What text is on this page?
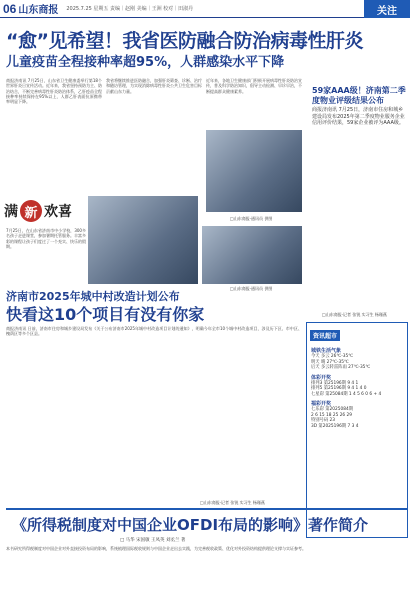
06 山东商报 2025.7.25 星期五 责编｜赵刚 美编｜王洲 校对｜田淑丹	关注
“愈”见希望！我省医防融合防治病毒性肝炎
儿童疫苗全程接种率超95%，人群感染水平下降
商报济南讯 7月25日，山东省卫生健康委举行第18个世界肝炎日宣传活动。近年来，我省坚持预防为主、防治结合，不断完善病毒性肝炎防治体系，乙肝疫苗全程接种率持续保持在95%以上，人群乙肝表面抗原携带率明显下降。
我省将继续推进医防融合，加强肝炎筛查、诊断、治疗和随访管理，为实现消除病毒性肝炎公共卫生危害目标贡献山东力量。
近年来，各地卫生健康部门积极开展病毒性肝炎防治宣传，普及科学防治知识，倡导主动检测、早诊早治，不断提高群众健康素养。
□山东商报·通讯员 供图
59家AAA级！济南第二季度物业评级结果公布
商报济南讯 7月25日，济南市住房和城乡建设局发布2025年第二季度物业服务企业信用评价结果，59家企业被评为AAA级。
□山东商报·记者 张锐 实习生 杨瑾燕
满 新 欢喜
7月25日，在山东省济南市中小学校，300多名孩子走进课堂，参加暑期托管服务。丰富多彩的课程让孩子们度过了一个充实、快乐的假期。
□山东商报·通讯员 供图
济南市2025年城中村改造计划公布
快看这10个项目有没有你家
商报济南讯 日前，济南市住房和城乡建设局发布《关于公布济南市2025年城中村改造项目计划的通知》，明确今年全市10个城中村改造项目，涉及历下区、市中区、槐荫区等多个区县。
□山东商报·记者 张锐 实习生 杨瑾燕
资讯超市
城铁生活气象
今天 多云 26℃-35℃
明天 晴 27℃-35℃
后天 多云转雷阵雨 27℃-35℃
体彩开奖
排列3 第25196期 9 4 1
排列5 第25196期 9 4 1 4 0
七星彩 第25084期 1 4 5 6 0 6 + 4
福彩开奖
七乐彩 第2025084期
2 6 15 18 25 26 29
特别号码 23
3D 第2025196期 7 3 4
《所得税制度对中国企业OFDI布局的影响》著作简介
□ 马华 宋国敏 王凤英 刘丞兰 著
本书研究所得税制度对中国企业对外直接投资布局的影响，系统梳理国际税收规则与中国企业走出去实践，为完善税收政策、优化对外投资结构提供理论支撑与实证参考。
